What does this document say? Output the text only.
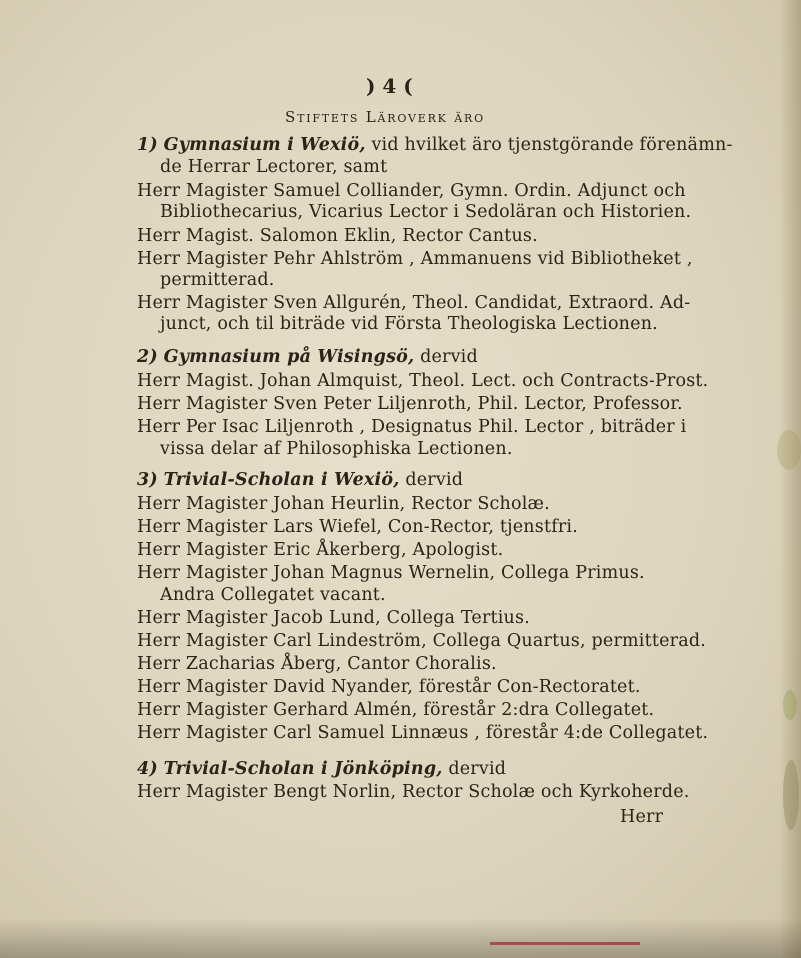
) 4 (
Stiftets Läroverk äro
1) Gymnasium i Wexiö, vid hvilket äro tjenstgörande förenämn-
de Herrar Lectorer, samt
Herr Magister Samuel Colliander, Gymn. Ordin. Adjunct och
Bibliothecarius, Vicarius Lector i Sedoläran och Historien.
Herr Magist. Salomon Eklin, Rector Cantus.
Herr Magister Pehr Ahlström , Ammanuens vid Bibliotheket ,
permitterad.
Herr Magister Sven Allgurén, Theol. Candidat, Extraord. Ad-
junct, och til biträde vid Första Theologiska Lectionen.
2) Gymnasium på Wisingsö, dervid
Herr Magist. Johan Almquist, Theol. Lect. och Contracts-Prost.
Herr Magister Sven Peter Liljenroth, Phil. Lector, Professor.
Herr Per Isac Liljenroth , Designatus Phil. Lector , biträder i
vissa delar af Philosophiska Lectionen.
3) Trivial-Scholan i Wexiö, dervid
Herr Magister Johan Heurlin, Rector Scholæ.
Herr Magister Lars Wiefel, Con-Rector, tjenstfri.
Herr Magister Eric Åkerberg, Apologist.
Herr Magister Johan Magnus Wernelin, Collega Primus.
Andra Collegatet vacant.
Herr Magister Jacob Lund, Collega Tertius.
Herr Magister Carl Lindeström, Collega Quartus, permitterad.
Herr Zacharias Åberg, Cantor Choralis.
Herr Magister David Nyander, förestår Con-Rectoratet.
Herr Magister Gerhard Almén, förestår 2:dra Collegatet.
Herr Magister Carl Samuel Linnæus , förestår 4:de Collegatet.
4) Trivial-Scholan i Jönköping, dervid
Herr Magister Bengt Norlin, Rector Scholæ och Kyrkoherde.
Herr
